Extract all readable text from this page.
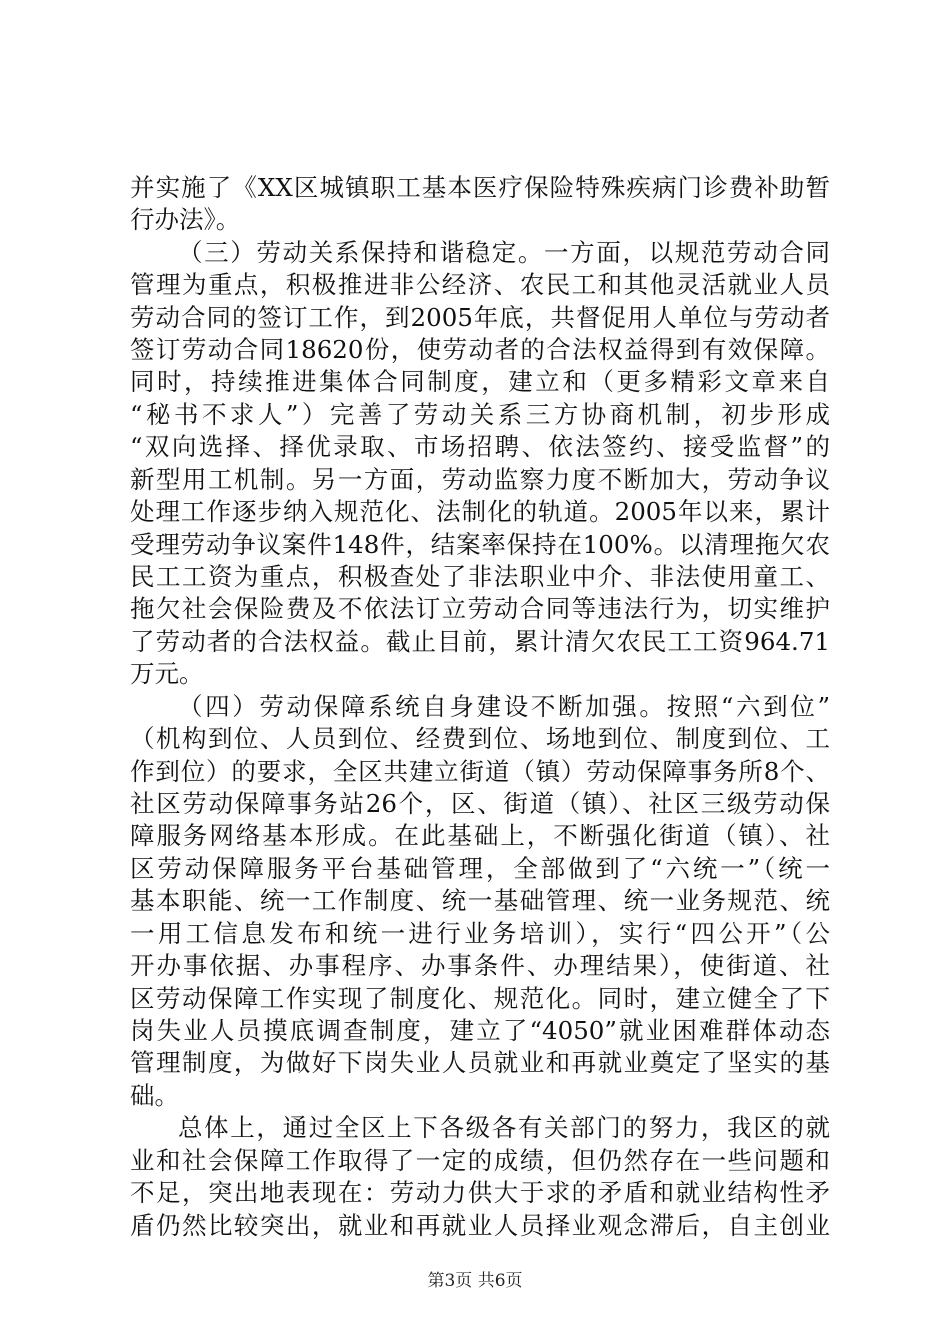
并实施了《XX区城镇职工基本医疗保险特殊疾病门诊费补助暂
行办法》。
（三）劳动关系保持和谐稳定。一方面，以规范劳动合同
管理为重点，积极推进非公经济、农民工和其他灵活就业人员
劳动合同的签订工作，到2005年底，共督促用人单位与劳动者
签订劳动合同18620份，使劳动者的合法权益得到有效保障。
同时，持续推进集体合同制度，建立和（更多精彩文章来自
“秘书不求人”）完善了劳动关系三方协商机制，初步形成
“双向选择、择优录取、市场招聘、依法签约、接受监督”的
新型用工机制。另一方面，劳动监察力度不断加大，劳动争议
处理工作逐步纳入规范化、法制化的轨道。2005年以来，累计
受理劳动争议案件148件，结案率保持在100%。以清理拖欠农
民工工资为重点，积极查处了非法职业中介、非法使用童工、
拖欠社会保险费及不依法订立劳动合同等违法行为，切实维护
了劳动者的合法权益。截止目前，累计清欠农民工工资964.71
万元。
（四）劳动保障系统自身建设不断加强。按照“六到位”
（机构到位、人员到位、经费到位、场地到位、制度到位、工
作到位）的要求，全区共建立街道（镇）劳动保障事务所8个、
社区劳动保障事务站26个，区、街道（镇）、社区三级劳动保
障服务网络基本形成。在此基础上，不断强化街道（镇）、社
区劳动保障服务平台基础管理，全部做到了“六统一”（统一
基本职能、统一工作制度、统一基础管理、统一业务规范、统
一用工信息发布和统一进行业务培训），实行“四公开”（公
开办事依据、办事程序、办事条件、办理结果），使街道、社
区劳动保障工作实现了制度化、规范化。同时，建立健全了下
岗失业人员摸底调查制度，建立了“4050”就业困难群体动态
管理制度，为做好下岗失业人员就业和再就业奠定了坚实的基
础。
总体上，通过全区上下各级各有关部门的努力，我区的就
业和社会保障工作取得了一定的成绩，但仍然存在一些问题和
不足，突出地表现在：劳动力供大于求的矛盾和就业结构性矛
盾仍然比较突出，就业和再就业人员择业观念滞后，自主创业
第3页 共6页
